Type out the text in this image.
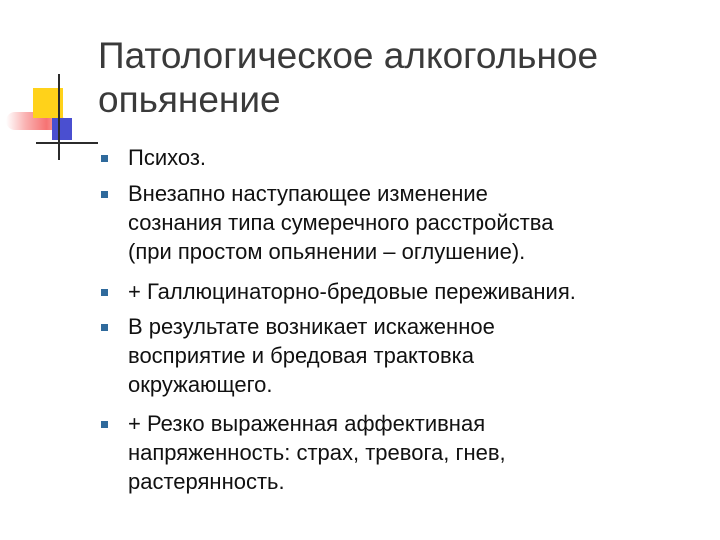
Патологическое алкогольное
опьянение
Психоз.
Внезапно наступающее изменение
сознания типа сумеречного расстройства
(при простом опьянении – оглушение).
+ Галлюцинаторно-бредовые переживания.
В результате возникает искаженное
восприятие и бредовая трактовка
окружающего.
+ Резко выраженная аффективная
напряженность: страх, тревога, гнев,
растерянность.
